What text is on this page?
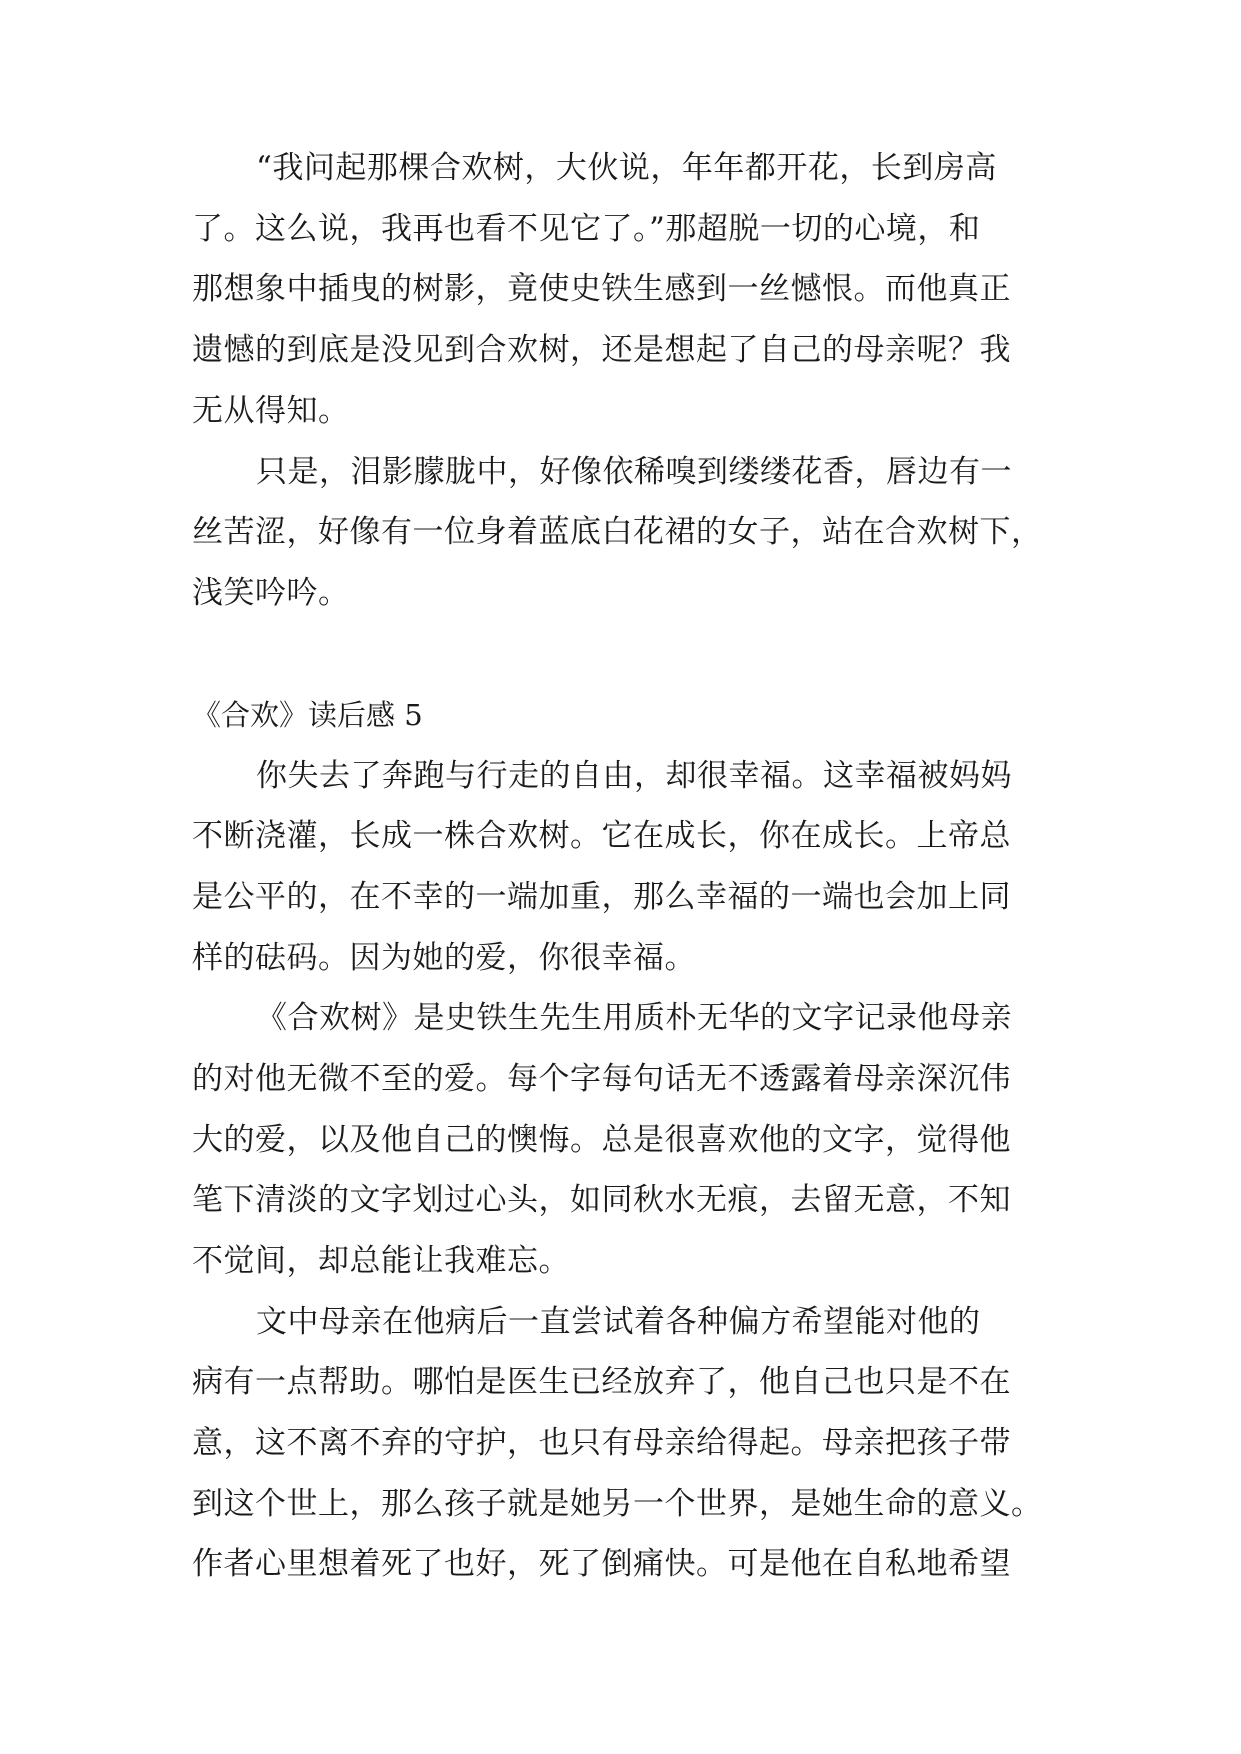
“我问起那棵合欢树，大伙说，年年都开花，长到房高
了。这么说，我再也看不见它了。”那超脱一切的心境，和
那想象中插曳的树影，竟使史铁生感到一丝憾恨。而他真正
遗憾的到底是没见到合欢树，还是想起了自己的母亲呢？我
无从得知。
只是，泪影朦胧中，好像依稀嗅到缕缕花香，唇边有一
丝苦涩，好像有一位身着蓝底白花裙的女子，站在合欢树下，
浅笑吟吟。
《合欢》读后感 5
你失去了奔跑与行走的自由，却很幸福。这幸福被妈妈
不断浇灌，长成一株合欢树。它在成长，你在成长。上帝总
是公平的，在不幸的一端加重，那么幸福的一端也会加上同
样的砝码。因为她的爱，你很幸福。
《合欢树》是史铁生先生用质朴无华的文字记录他母亲
的对他无微不至的爱。每个字每句话无不透露着母亲深沉伟
大的爱，以及他自己的懊悔。总是很喜欢他的文字，觉得他
笔下清淡的文字划过心头，如同秋水无痕，去留无意，不知
不觉间，却总能让我难忘。
文中母亲在他病后一直尝试着各种偏方希望能对他的
病有一点帮助。哪怕是医生已经放弃了，他自己也只是不在
意，这不离不弃的守护，也只有母亲给得起。母亲把孩子带
到这个世上，那么孩子就是她另一个世界，是她生命的意义。
作者心里想着死了也好，死了倒痛快。可是他在自私地希望
